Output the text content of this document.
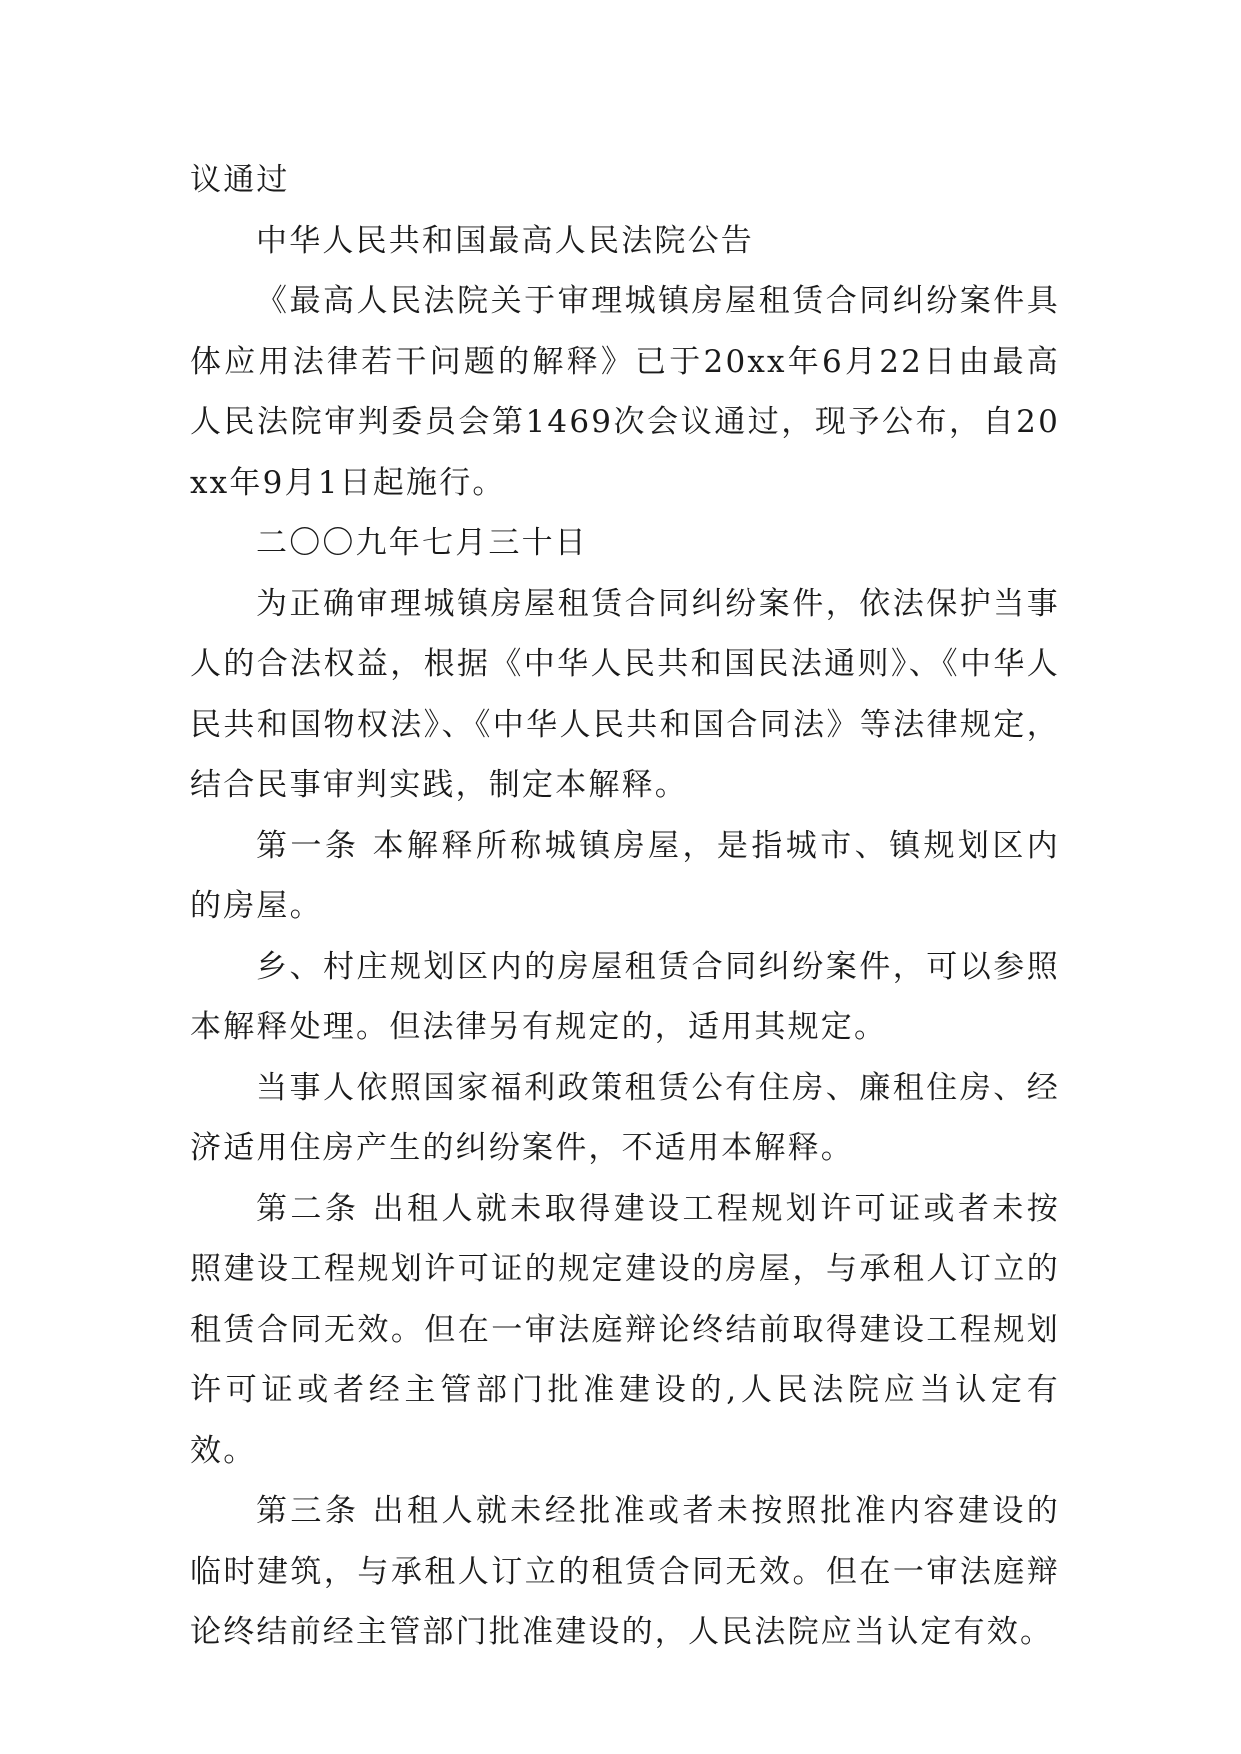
议通过

中华人民共和国最高人民法院公告

《最高人民法院关于审理城镇房屋租赁合同纠纷案件具体应用法律若干问题的解释》已于20xx年6月22日由最高人民法院审判委员会第1469次会议通过，现予公布，自20xx年9月1日起施行。

二〇〇九年七月三十日

为正确审理城镇房屋租赁合同纠纷案件，依法保护当事人的合法权益，根据《中华人民共和国民法通则》、《中华人民共和国物权法》、《中华人民共和国合同法》等法律规定，结合民事审判实践，制定本解释。

第一条 本解释所称城镇房屋，是指城市、镇规划区内的房屋。

乡、村庄规划区内的房屋租赁合同纠纷案件，可以参照本解释处理。但法律另有规定的，适用其规定。

当事人依照国家福利政策租赁公有住房、廉租住房、经济适用住房产生的纠纷案件，不适用本解释。

第二条 出租人就未取得建设工程规划许可证或者未按照建设工程规划许可证的规定建设的房屋，与承租人订立的租赁合同无效。但在一审法庭辩论终结前取得建设工程规划许可证或者经主管部门批准建设的,人民法院应当认定有效。

第三条 出租人就未经批准或者未按照批准内容建设的临时建筑，与承租人订立的租赁合同无效。但在一审法庭辩论终结前经主管部门批准建设的，人民法院应当认定有效。
